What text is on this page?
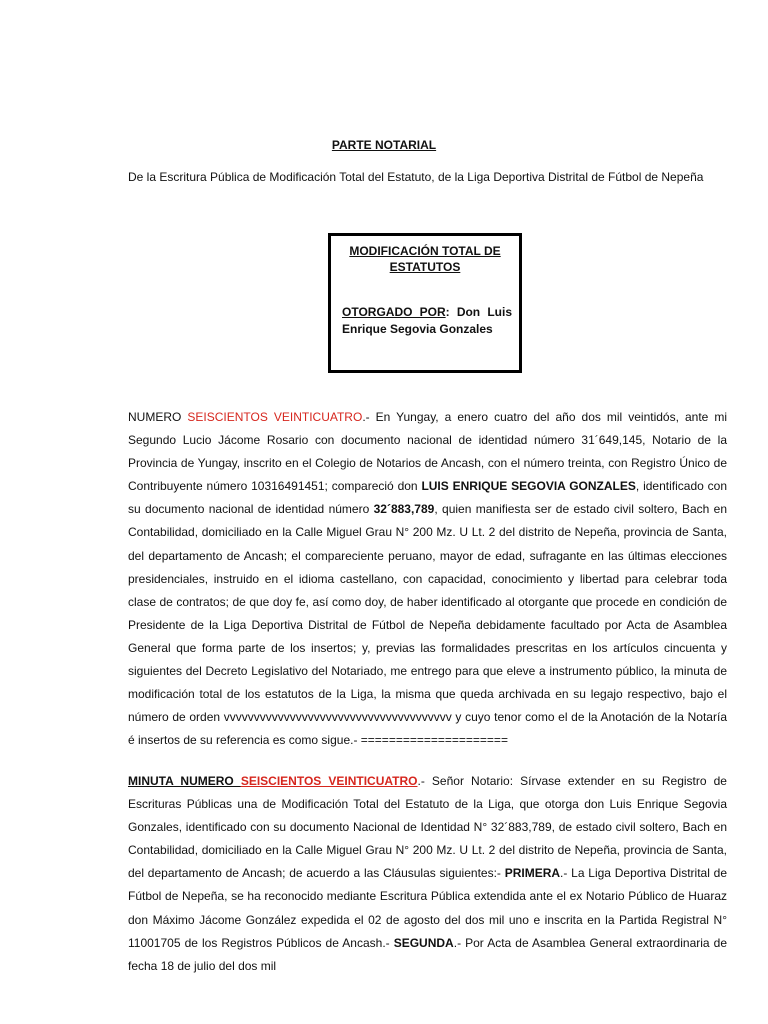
PARTE NOTARIAL
De la Escritura Pública de Modificación Total del Estatuto, de la Liga Deportiva Distrital de Fútbol de Nepeña
MODIFICACIÓN TOTAL DE
ESTATUTOS
OTORGADO POR: Don Luis Enrique Segovia Gonzales
NUMERO SEISCIENTOS VEINTICUATRO.- En Yungay, a enero cuatro del año dos mil veintidós, ante mi Segundo Lucio Jácome Rosario con documento nacional de identidad número 31´649,145, Notario de la Provincia de Yungay, inscrito en el Colegio de Notarios de Ancash, con el número treinta, con Registro Único de Contribuyente número 10316491451; compareció don LUIS ENRIQUE SEGOVIA GONZALES, identificado con su documento nacional de identidad número 32´883,789, quien manifiesta ser de estado civil soltero, Bach en Contabilidad, domiciliado en la Calle Miguel Grau N° 200 Mz. U Lt. 2 del distrito de Nepeña, provincia de Santa, del departamento de Ancash; el compareciente peruano, mayor de edad, sufragante en las últimas elecciones presidenciales, instruido en el idioma castellano, con capacidad, conocimiento y libertad para celebrar toda clase de contratos; de que doy fe, así como doy, de haber identificado al otorgante que procede en condición de Presidente de la Liga Deportiva Distrital de Fútbol de Nepeña debidamente facultado por Acta de Asamblea General que forma parte de los insertos; y, previas las formalidades prescritas en los artículos cincuenta y siguientes del Decreto Legislativo del Notariado, me entrego para que eleve a instrumento público, la minuta de modificación total de los estatutos de la Liga, la misma que queda archivada en su legajo respectivo, bajo el número de orden vvvvvvvvvvvvvvvvvvvvvvvvvvvvvvvvvvvvvv y cuyo tenor como el de la Anotación de la Notaría é insertos de su referencia es como sigue.- =====================
MINUTA NUMERO SEISCIENTOS VEINTICUATRO.- Señor Notario: Sírvase extender en su Registro de Escrituras Públicas una de Modificación Total del Estatuto de la Liga, que otorga don Luis Enrique Segovia Gonzales, identificado con su documento Nacional de Identidad N° 32´883,789, de estado civil soltero, Bach en Contabilidad, domiciliado en la Calle Miguel Grau N° 200 Mz. U Lt. 2 del distrito de Nepeña, provincia de Santa, del departamento de Ancash; de acuerdo a las Cláusulas siguientes:- PRIMERA.- La Liga Deportiva Distrital de Fútbol de Nepeña, se ha reconocido mediante Escritura Pública extendida ante el ex Notario Público de Huaraz don Máximo Jácome González expedida el 02 de agosto del dos mil uno e inscrita en la Partida Registral N° 11001705 de los Registros Públicos de Ancash.- SEGUNDA.- Por Acta de Asamblea General extraordinaria de fecha 18 de julio del dos mil
